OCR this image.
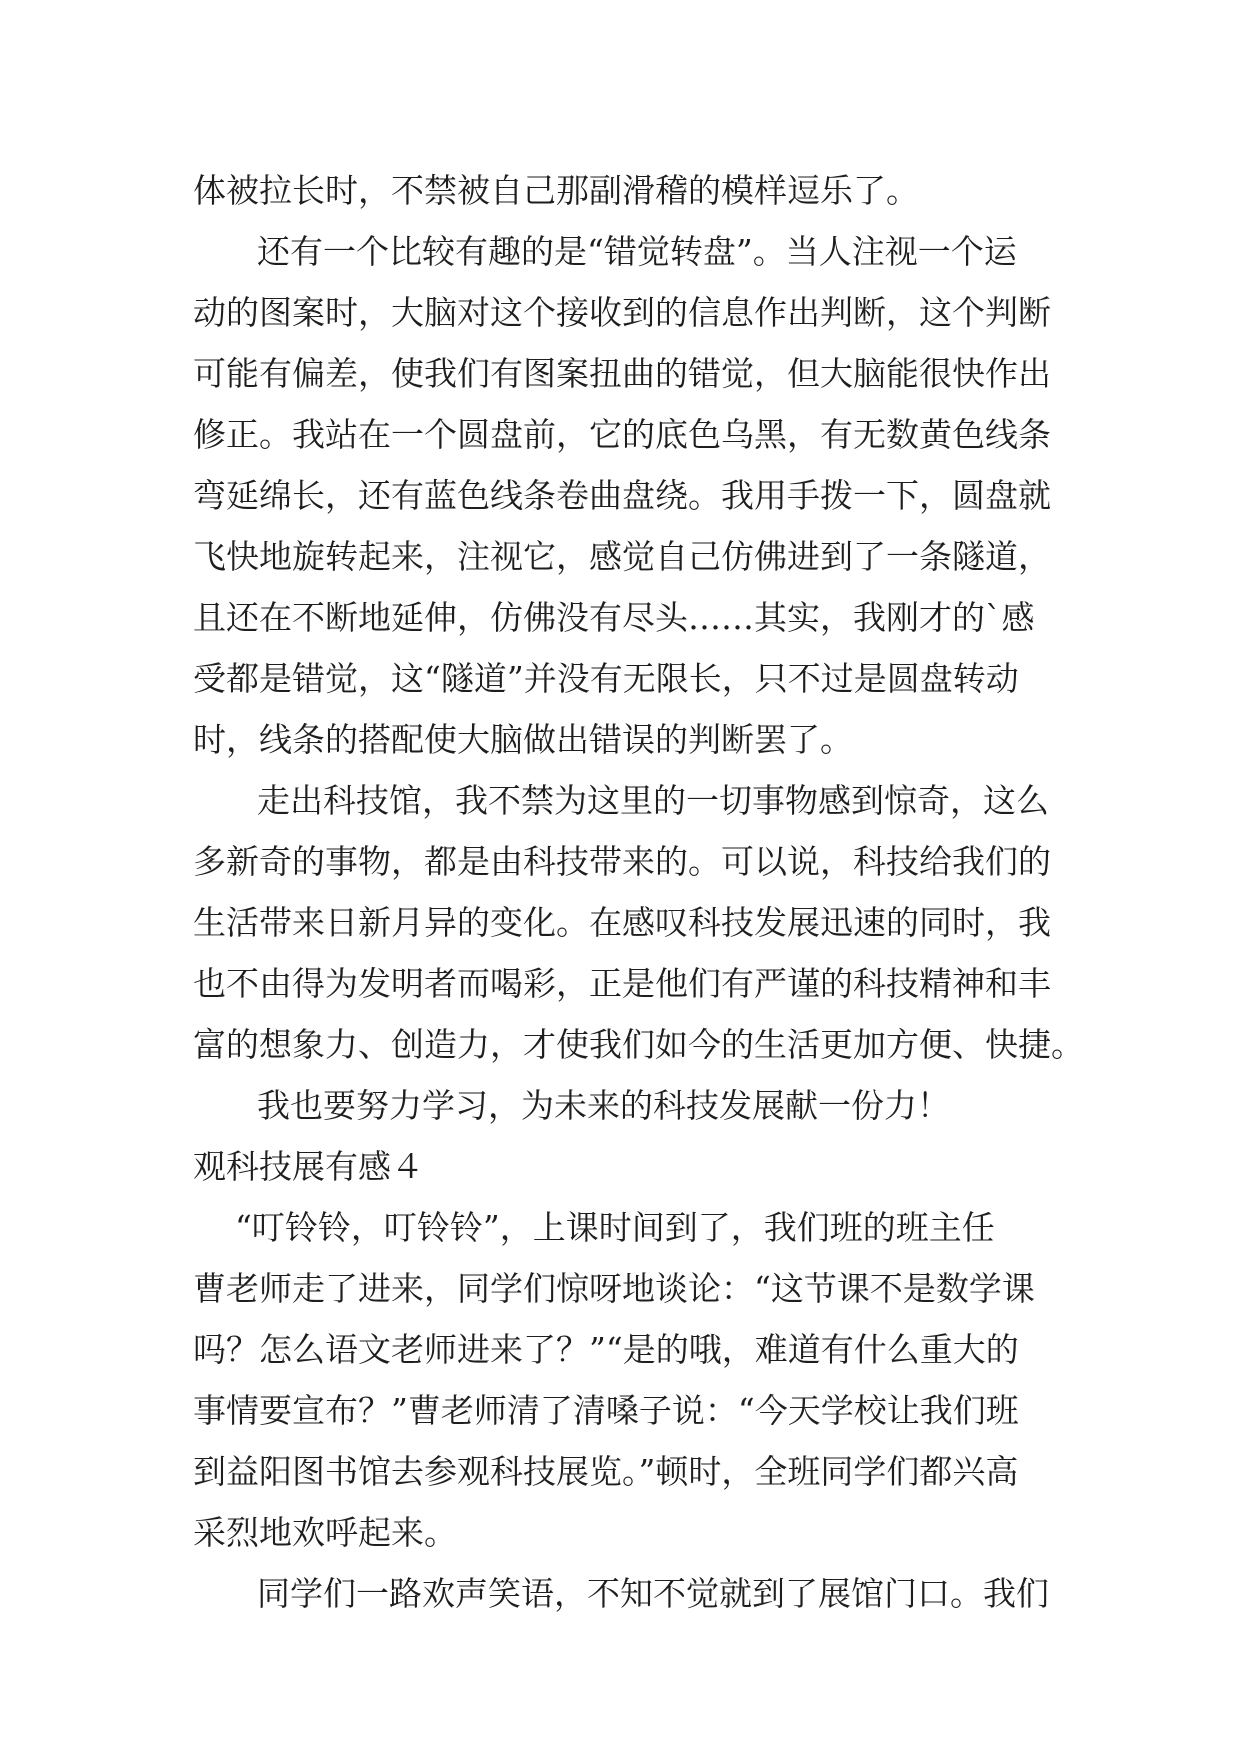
体被拉长时，不禁被自己那副滑稽的模样逗乐了。
还有一个比较有趣的是“错觉转盘”。当人注视一个运
动的图案时，大脑对这个接收到的信息作出判断，这个判断
可能有偏差，使我们有图案扭曲的错觉，但大脑能很快作出
修正。我站在一个圆盘前，它的底色乌黑，有无数黄色线条
弯延绵长，还有蓝色线条卷曲盘绕。我用手拨一下，圆盘就
飞快地旋转起来，注视它，感觉自己仿佛进到了一条隧道，
且还在不断地延伸，仿佛没有尽头……其实，我刚才的`感
受都是错觉，这“隧道”并没有无限长，只不过是圆盘转动
时，线条的搭配使大脑做出错误的判断罢了。
走出科技馆，我不禁为这里的一切事物感到惊奇，这么
多新奇的事物，都是由科技带来的。可以说，科技给我们的
生活带来日新月异的变化。在感叹科技发展迅速的同时，我
也不由得为发明者而喝彩，正是他们有严谨的科技精神和丰
富的想象力、创造力，才使我们如今的生活更加方便、快捷。
我也要努力学习，为未来的科技发展献一份力！
观科技展有感４
“叮铃铃，叮铃铃”，上课时间到了，我们班的班主任
曹老师走了进来，同学们惊呀地谈论：“这节课不是数学课
吗？怎么语文老师进来了？”“是的哦，难道有什么重大的
事情要宣布？”曹老师清了清嗓子说：“今天学校让我们班
到益阳图书馆去参观科技展览。”顿时，全班同学们都兴高
采烈地欢呼起来。
同学们一路欢声笑语，不知不觉就到了展馆门口。我们
